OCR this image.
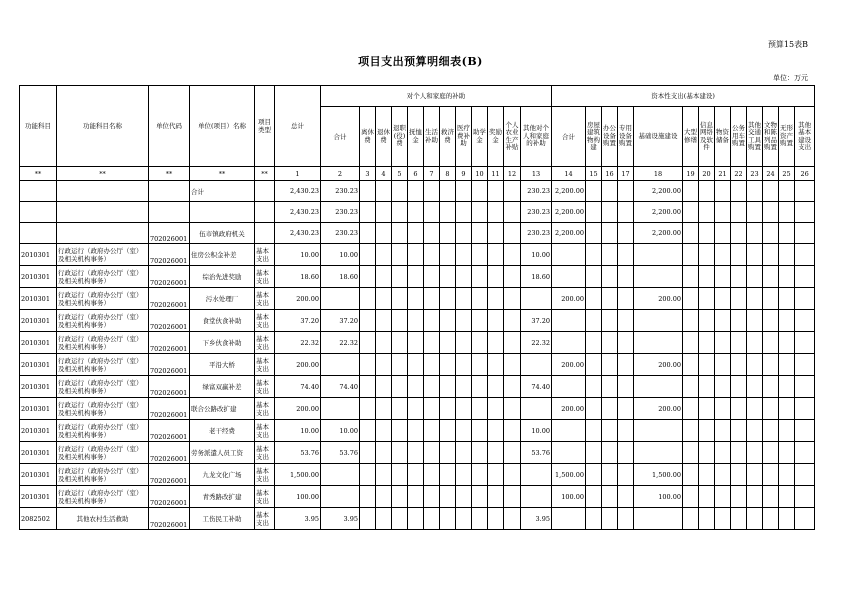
预算15表B
项目支出预算明细表(B)
单位：万元
功能科目	功能科目名称	单位代码	单位(项目）名称	项目类型	总计	对个人和家庭的补助												资本性支出(基本建设)												
						合计	离休费	退休费	退职(役)费	抚恤金	生活补助	救济费	医疗费补助	助学金	奖励金	个人农业生产补贴	其他对个人和家庭的补助	合计	房屋建筑物构建	办公设备购置	专用设备购置	基础设施建设	大型修缮	信息网络及软件	物资储备	公务用车购置	其他交通工具购置	文物和陈列品购置	无形资产购置	其他基本建设支出
**	**	**	**	**	1	2	3	4	5	6	7	8	9	10	11	12	13	14	15	16	17	18	19	20	21	22	23	24	25	26
			合计		2,430.23	230.23											230.23	2,200.00				2,200.00								
					2,430.23	230.23											230.23	2,200.00				2,200.00								
		702026001	伍市镇政府机关		2,430.23	230.23											230.23	2,200.00				2,200.00								
2010301	行政运行（政府办公厅（室）及相关机构事务）	702026001	住房公积金补差	基本支出	10.00	10.00											10.00													
2010301	行政运行（政府办公厅（室）及相关机构事务）	702026001	综治先进奖励	基本支出	18.60	18.60											18.60													
2010301	行政运行（政府办公厅（室）及相关机构事务）	702026001	污水处理厂	基本支出	200.00													200.00				200.00								
2010301	行政运行（政府办公厅（室）及相关机构事务）	702026001	食堂伙食补助	基本支出	37.20	37.20											37.20													
2010301	行政运行（政府办公厅（室）及相关机构事务）	702026001	下乡伙食补助	基本支出	22.32	22.32											22.32													
2010301	行政运行（政府办公厅（室）及相关机构事务）	702026001	平沿大桥	基本支出	200.00													200.00				200.00								
2010301	行政运行（政府办公厅（室）及相关机构事务）	702026001	绿富双赢补差	基本支出	74.40	74.40											74.40													
2010301	行政运行（政府办公厅（室）及相关机构事务）	702026001	联合公路改扩建	基本支出	200.00													200.00				200.00								
2010301	行政运行（政府办公厅（室）及相关机构事务）	702026001	老干经费	基本支出	10.00	10.00											10.00													
2010301	行政运行（政府办公厅（室）及相关机构事务）	702026001	劳务派遣人员工资	基本支出	53.76	53.76											53.76													
2010301	行政运行（政府办公厅（室）及相关机构事务）	702026001	九龙文化广场	基本支出	1,500.00													1,500.00				1,500.00								
2010301	行政运行（政府办公厅（室）及相关机构事务）	702026001	青秀路改扩建	基本支出	100.00													100.00				100.00								
2082502	其他农村生活救助	702026001	工伤民工补助	基本支出	3.95	3.95											3.95													
